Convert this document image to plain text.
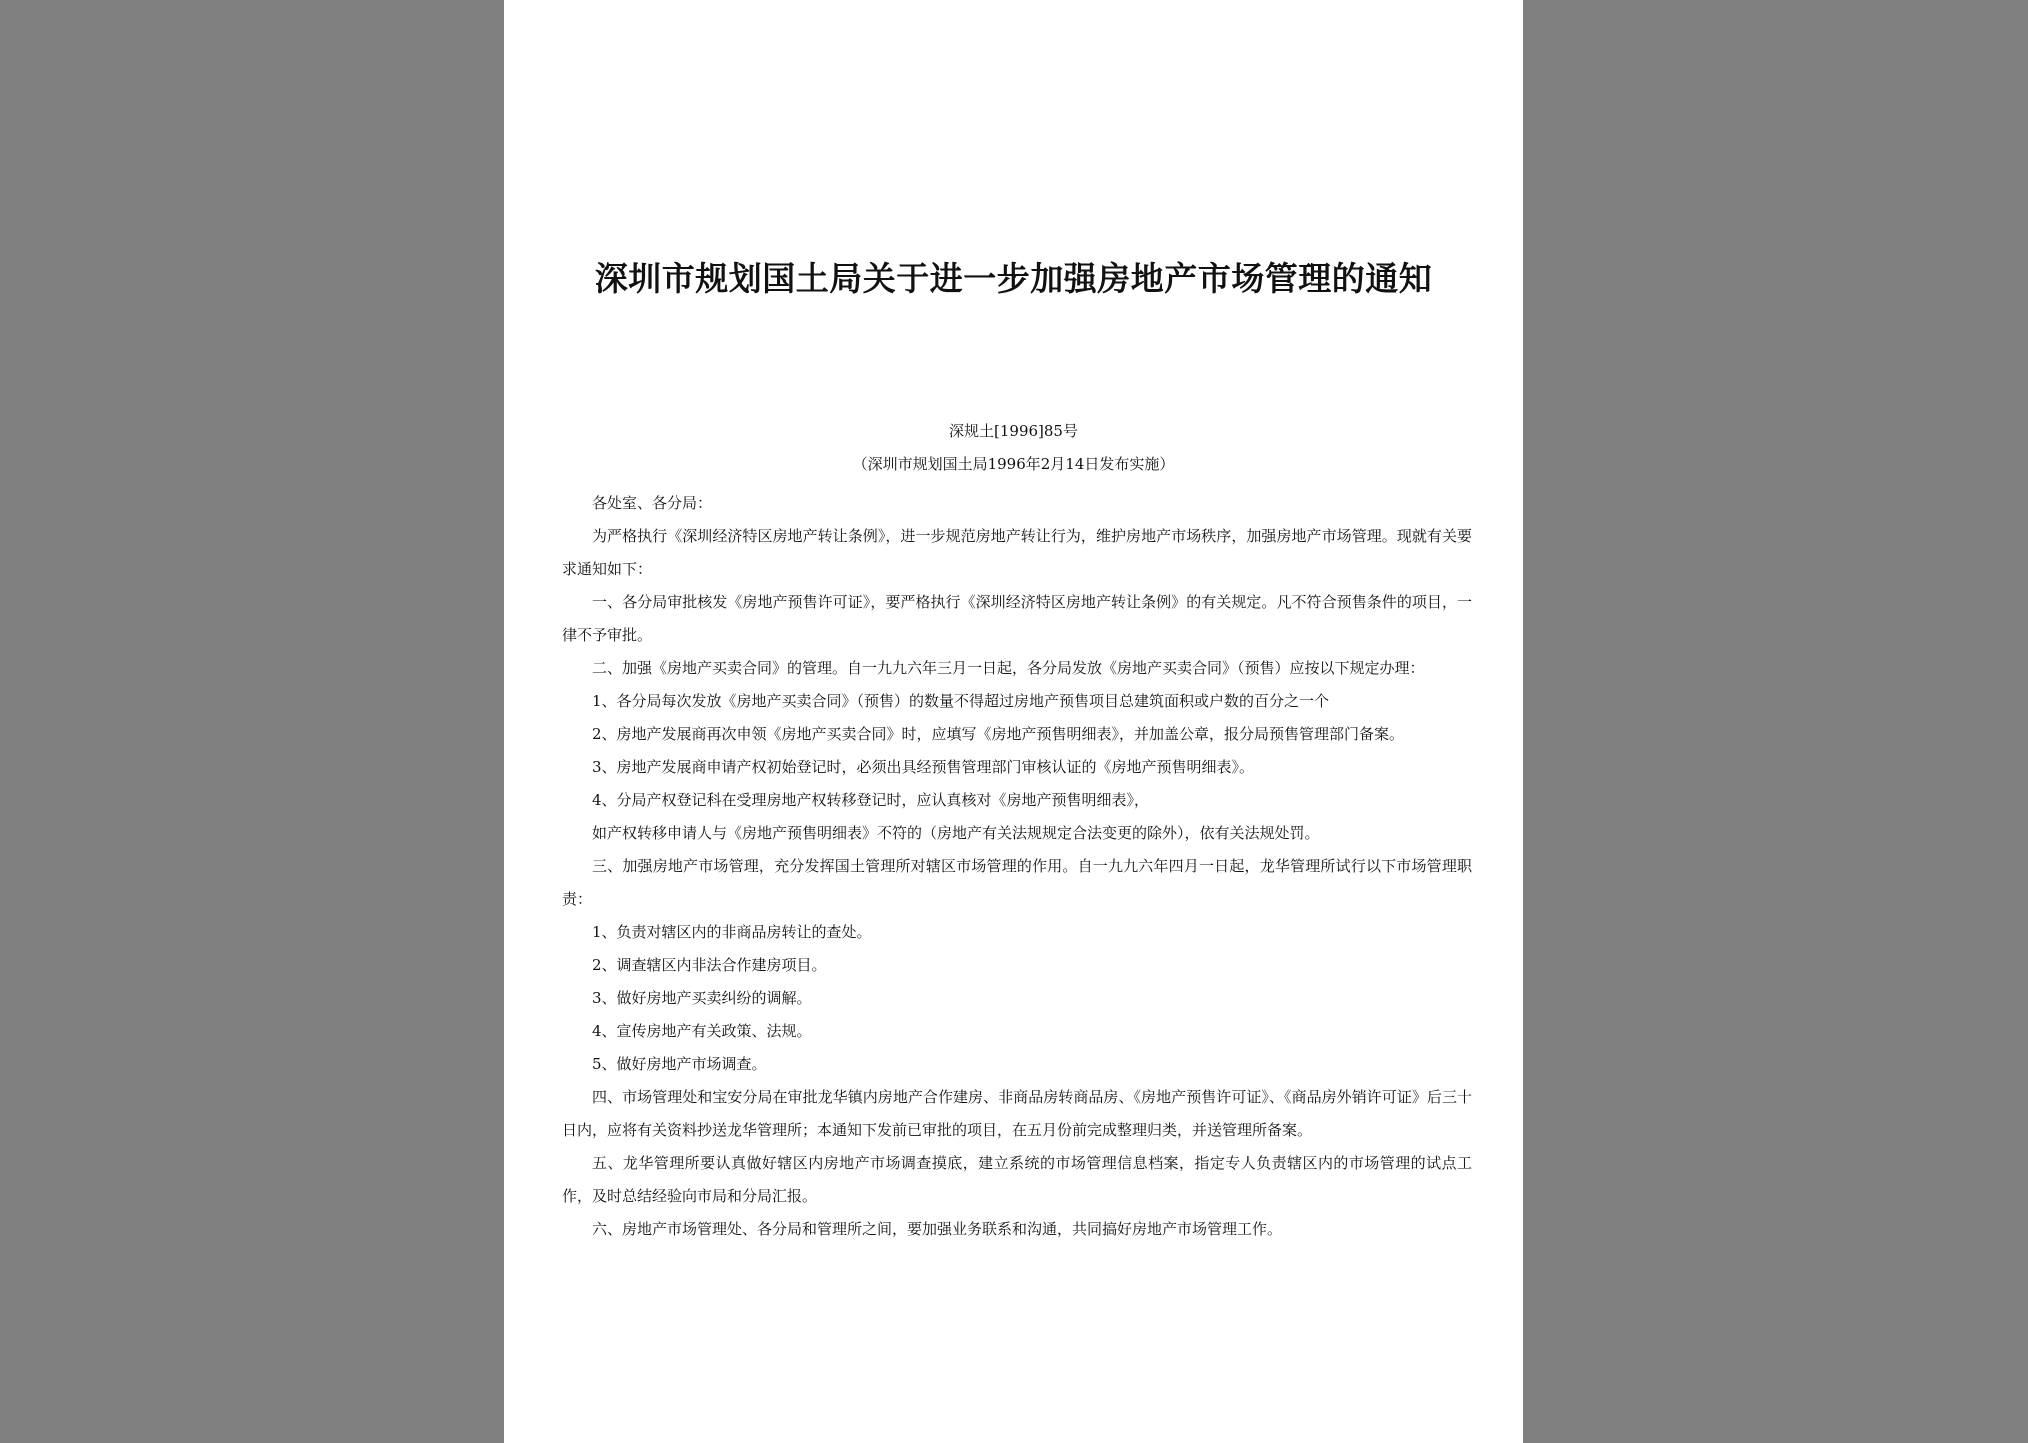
深圳市规划国土局关于进一步加强房地产市场管理的通知
深规土[1996]85号
（深圳市规划国土局1996年2月14日发布实施）

各处室、各分局：

为严格执行《深圳经济特区房地产转让条例》，进一步规范房地产转让行为，维护房地产市场秩序，加强房地产市场管理。现就有关要求通知如下：

一、各分局审批核发《房地产预售许可证》，要严格执行《深圳经济特区房地产转让条例》的有关规定。凡不符合预售条件的项目，一律不予审批。

二、加强《房地产买卖合同》的管理。自一九九六年三月一日起，各分局发放《房地产买卖合同》（预售）应按以下规定办理：

1、各分局每次发放《房地产买卖合同》（预售）的数量不得超过房地产预售项目总建筑面积或户数的百分之一个

2、房地产发展商再次申领《房地产买卖合同》时，应填写《房地产预售明细表》，并加盖公章，报分局预售管理部门备案。

3、房地产发展商申请产权初始登记时，必须出具经预售管理部门审核认证的《房地产预售明细表》。

4、分局产权登记科在受理房地产权转移登记时，应认真核对《房地产预售明细表》，

如产权转移申请人与《房地产预售明细表》不符的（房地产有关法规规定合法变更的除外），依有关法规处罚。

三、加强房地产市场管理，充分发挥国土管理所对辖区市场管理的作用。自一九九六年四月一日起，龙华管理所试行以下市场管理职责：

1、负责对辖区内的非商品房转让的查处。

2、调查辖区内非法合作建房项目。

3、做好房地产买卖纠纷的调解。

4、宣传房地产有关政策、法规。

5、做好房地产市场调查。

四、市场管理处和宝安分局在审批龙华镇内房地产合作建房、非商品房转商品房、《房地产预售许可证》、《商品房外销许可证》后三十日内，应将有关资料抄送龙华管理所；本通知下发前已审批的项目，在五月份前完成整理归类，并送管理所备案。

五、龙华管理所要认真做好辖区内房地产市场调查摸底，建立系统的市场管理信息档案，指定专人负责辖区内的市场管理的试点工作，及时总结经验向市局和分局汇报。

六、房地产市场管理处、各分局和管理所之间，要加强业务联系和沟通，共同搞好房地产市场管理工作。
